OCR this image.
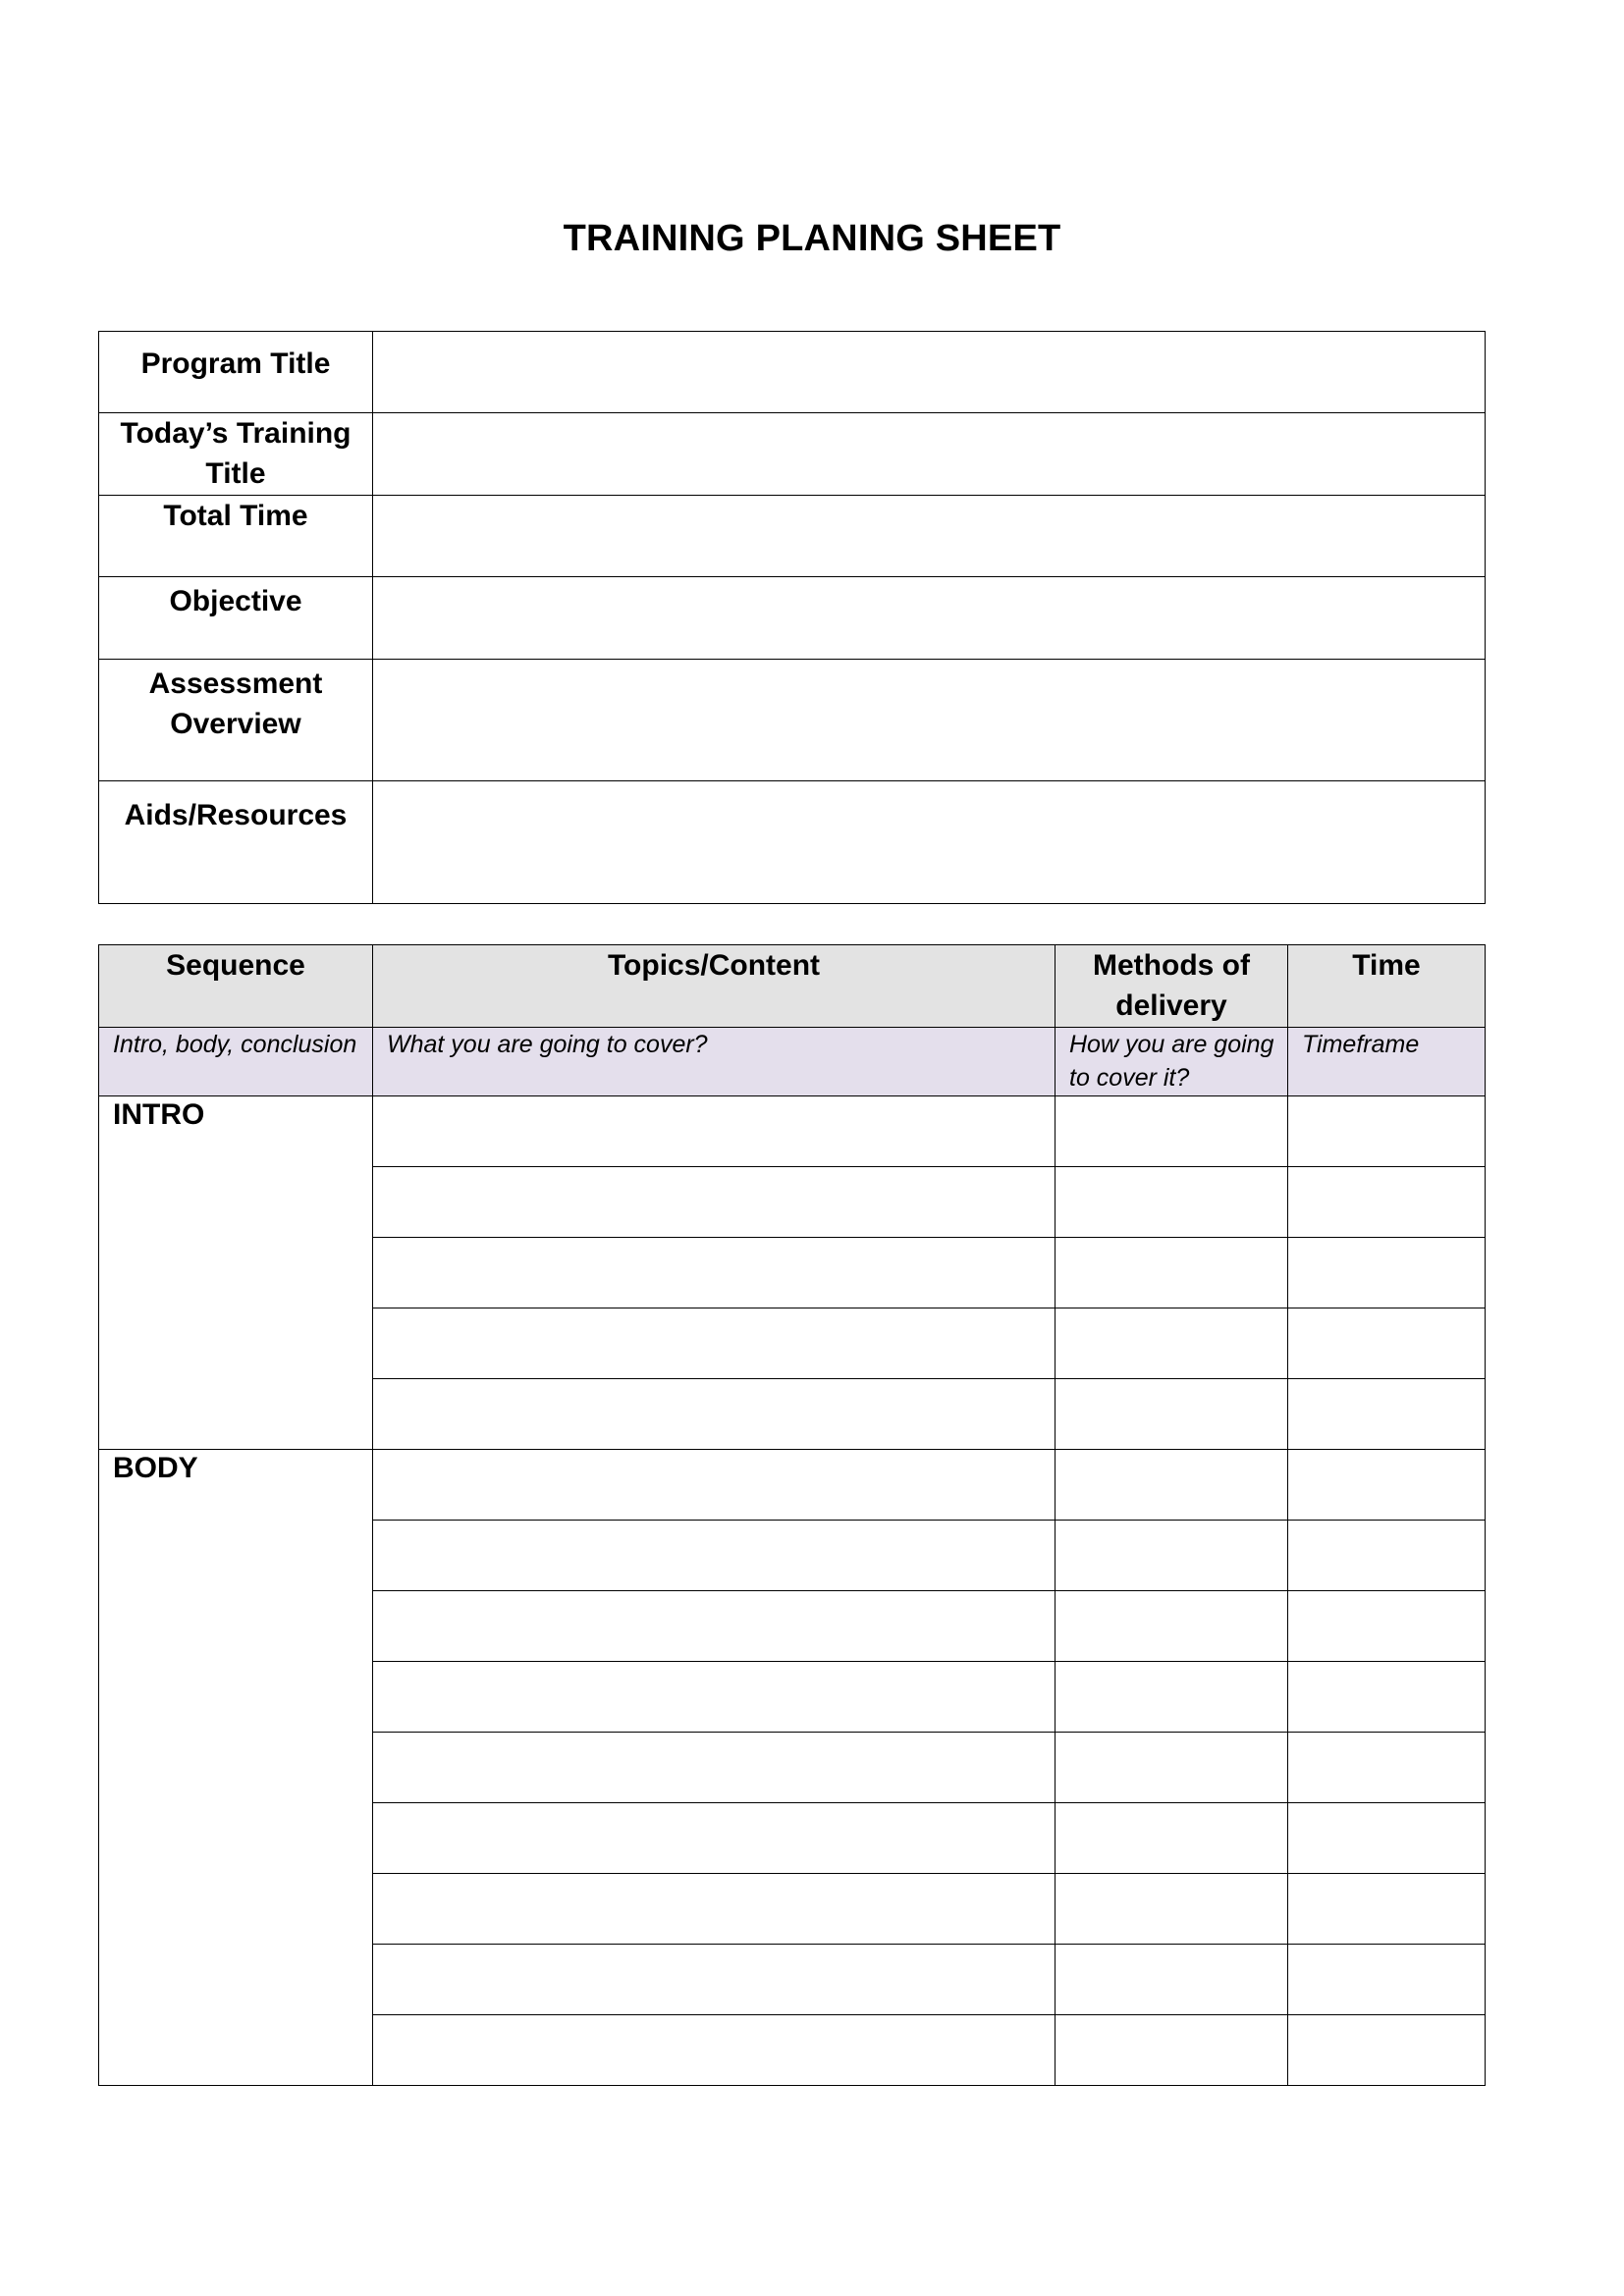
TRAINING PLANING SHEET
Program Title	
Today’s Training Title	
Total Time	
Objective	
Assessment Overview	
Aids/Resources	
Sequence	Topics/Content	Methods of delivery	Time
Intro, body, conclusion	What you are going to cover?	How you are going to cover it?	Timeframe
INTRO			

BODY			
